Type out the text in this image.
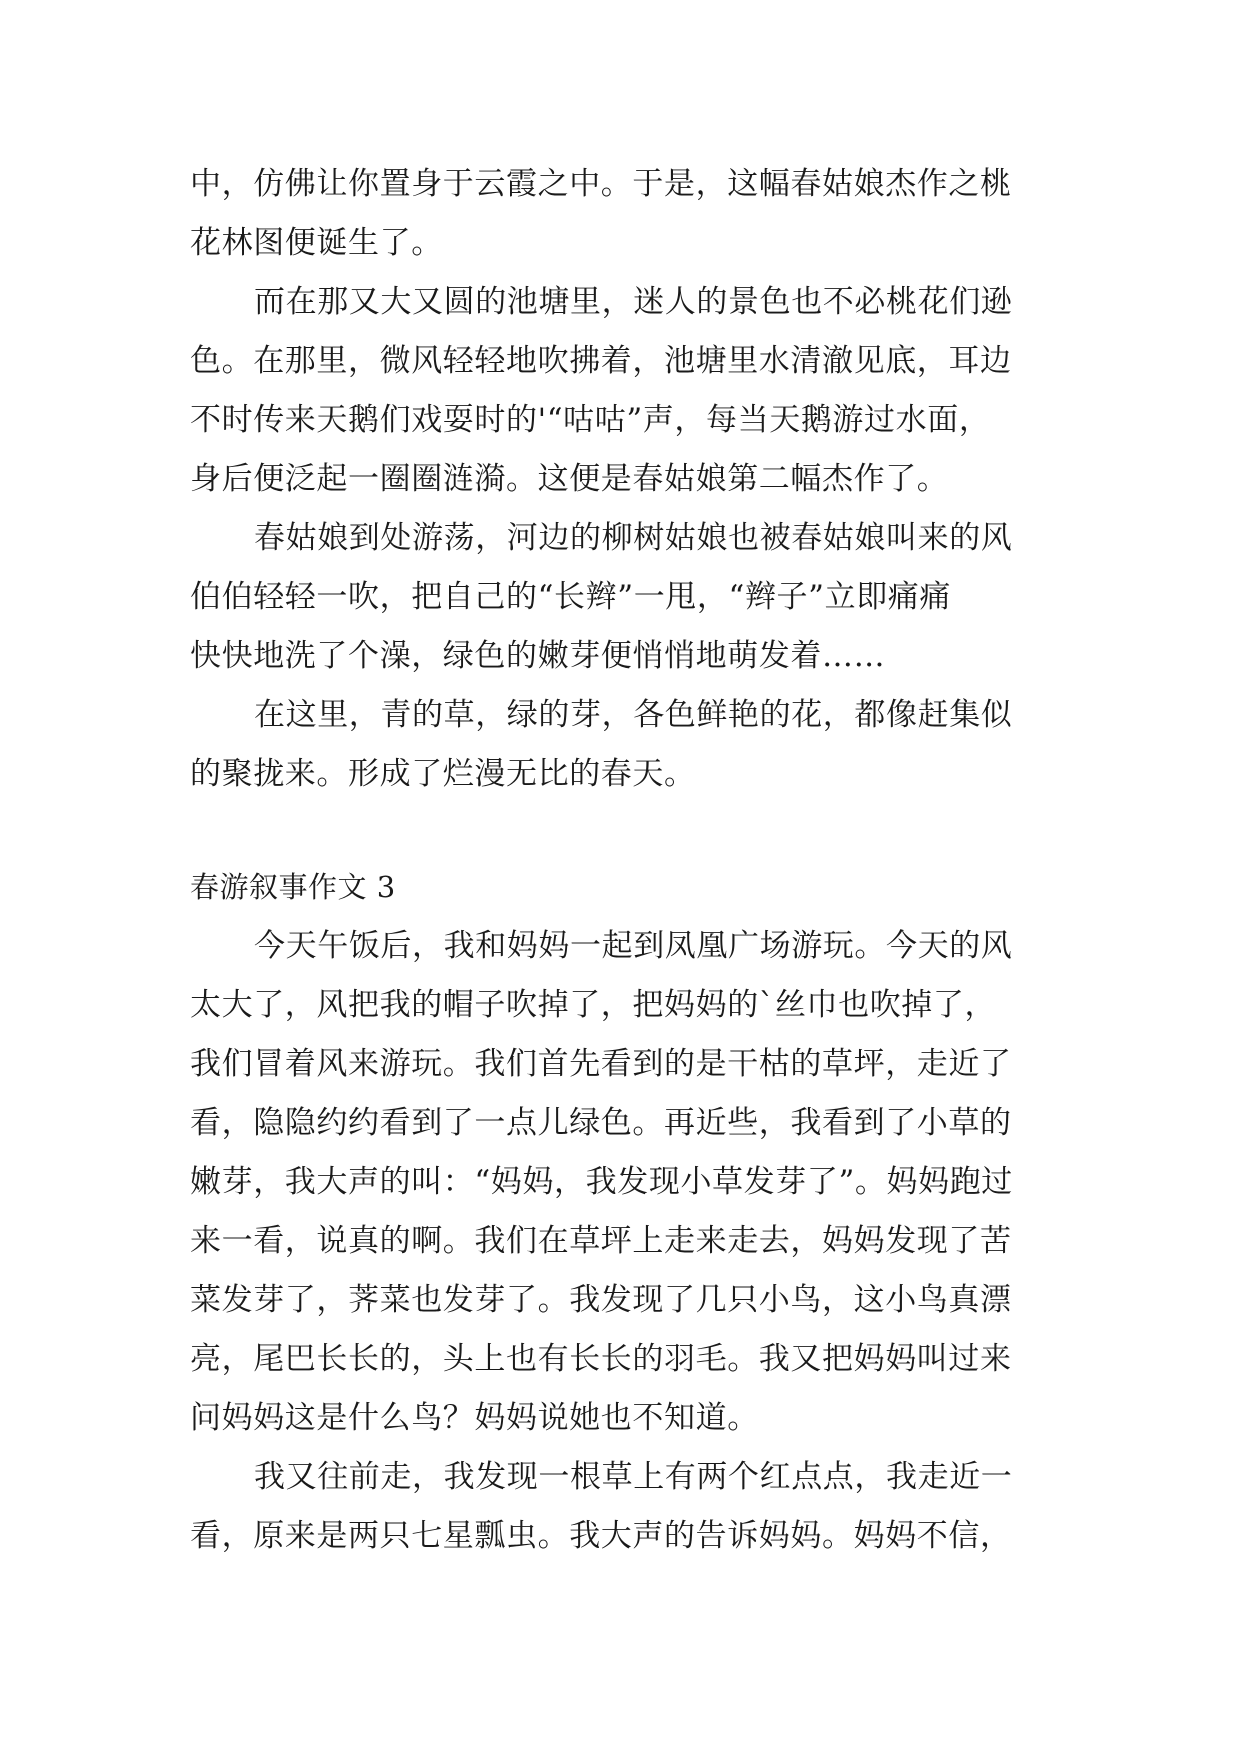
中，仿佛让你置身于云霞之中。于是，这幅春姑娘杰作之桃
花林图便诞生了。
而在那又大又圆的池塘里，迷人的景色也不必桃花们逊
色。在那里，微风轻轻地吹拂着，池塘里水清澈见底，耳边
不时传来天鹅们戏耍时的'“咕咕”声，每当天鹅游过水面，
身后便泛起一圈圈涟漪。这便是春姑娘第二幅杰作了。
春姑娘到处游荡，河边的柳树姑娘也被春姑娘叫来的风
伯伯轻轻一吹，把自己的“长辫”一甩，“辫子”立即痛痛
快快地洗了个澡，绿色的嫩芽便悄悄地萌发着……
在这里，青的草，绿的芽，各色鲜艳的花，都像赶集似
的聚拢来。形成了烂漫无比的春天。
春游叙事作文 3
今天午饭后，我和妈妈一起到凤凰广场游玩。今天的风
太大了，风把我的帽子吹掉了，把妈妈的`丝巾也吹掉了，
我们冒着风来游玩。我们首先看到的是干枯的草坪，走近了
看，隐隐约约看到了一点儿绿色。再近些，我看到了小草的
嫩芽，我大声的叫：“妈妈，我发现小草发芽了”。妈妈跑过
来一看，说真的啊。我们在草坪上走来走去，妈妈发现了苦
菜发芽了，荠菜也发芽了。我发现了几只小鸟，这小鸟真漂
亮，尾巴长长的，头上也有长长的羽毛。我又把妈妈叫过来
问妈妈这是什么鸟？妈妈说她也不知道。
我又往前走，我发现一根草上有两个红点点，我走近一
看，原来是两只七星瓢虫。我大声的告诉妈妈。妈妈不信，
